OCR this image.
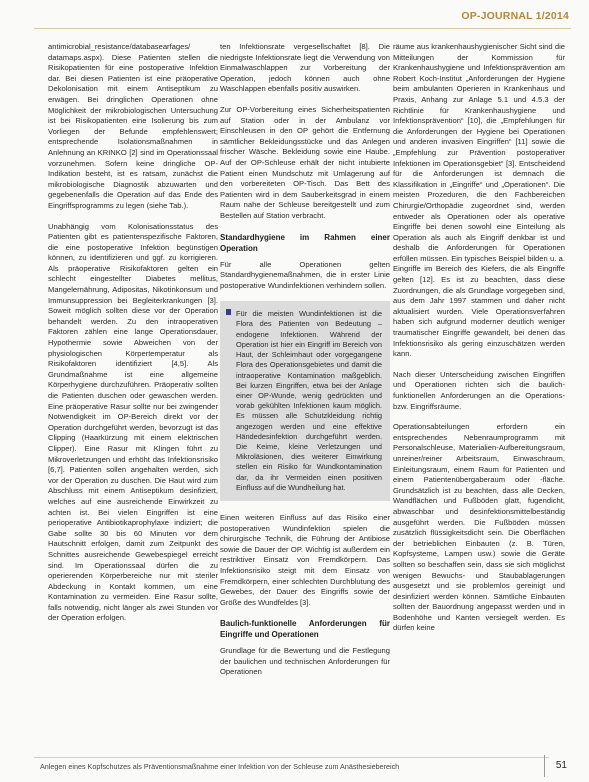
OP-JOURNAL 1/2014

antimicrobial_resistance/databasearfages/ datamaps.aspx). Diese Patienten stellen die Risikopatienten für eine postoperative Infektion dar. Bei diesen Patienten ist eine präoperative Dekolonisation mit einem Antiseptikum zu erwägen. Bei dringlichen Operationen ohne Möglichkeit der mikrobiologischen Untersuchung ist bei Risikopatienten eine Isolierung bis zum Vorliegen der Befunde empfehlenswert; entsprechende Isolationsmaßnahmen in Anlehnung an KRINKO [2] sind im Operationssaal vorzunehmen. Sofern keine dringliche OP-Indikation besteht, ist es ratsam, zunächst die mikrobiologische Diagnostik abzuwarten und gegebenenfalls die Operation auf das Ende des Eingriffsprogramms zu legen (siehe Tab.).

Unabhängig vom Kolonisationsstatus des Patienten gibt es patientenspezifische Faktoren, die eine postoperative Infektion begünstigen können, zu identifizieren und ggf. zu korrigieren. Als präoperative Risikofaktoren gelten ein schlecht eingestellter Diabetes mellitus, Mangelernährung, Adipositas, Nikotinkonsum und Immunsuppression bei Begleiterkrankungen [3]. Soweit möglich sollten diese vor der Operation behandelt werden. Zu den intraoperativen Faktoren zählen eine lange Operationsdauer, Hypothermie sowie Abweichen von der physiologischen Körpertemperatur als Risikofaktoren identifiziert [4,5]. Als Grundmaßnahme ist eine allgemeine Körperhygiene durchzuführen. Präoperativ sollten die Patienten duschen oder gewaschen werden. Eine präoperative Rasur sollte nur bei zwingender Notwendigkeit im OP-Bereich direkt vor der Operation durchgeführt werden, bevorzugt ist das Clipping (Haarkürzung mit einem elektrischen Clipper). Eine Rasur mit Klingen führt zu Mikroverletzungen und erhöht das Infektionsrisiko [6,7]. Patienten sollen angehalten werden, sich vor der Operation zu duschen. Die Haut wird zum Abschluss mit einem Antiseptikum desinfiziert, welches auf eine ausreichende Einwirkzeit zu achten ist. Bei vielen Eingriffen ist eine perioperative Antibiotikaprophylaxe indiziert; die Gabe sollte 30 bis 60 Minuten vor dem Hautschnitt erfolgen, damit zum Zeitpunkt des Schnittes ausreichende Gewebespiegel erreicht sind. Im Operationssaal dürfen die zu operierenden Körperbereiche nur mit steriler Abdeckung in Kontakt kommen, um eine Kontamination zu vermeiden. Eine Rasur sollte, falls notwendig, nicht länger als zwei Stunden vor der Operation erfolgen.

ten Infektionsrate vergesellschaftet [8]. Die niedrigste Infektionsrate liegt die Verwendung von Einmalwaschlappen zur Vorbereitung der Operation, jedoch können auch ohne Waschlappen ebenfalls positiv auswirken.

Zur OP-Vorbereitung eines Sicherheitspatienten auf Station oder in der Ambulanz vor Einschleusen in den OP gehört die Entfernung sämtlicher Bekleidungsstücke und das Anlegen frischer Wäsche. Bekleidung sowie eine Haube. Auf der OP-Schleuse erhält der nicht intubierte Patient einen Mundschutz mit Umlagerung auf den vorbereiteten OP-Tisch. Das Bett des Patienten wird in dem Sauberkeitsgrad in einem Raum nahe der Schleuse bereitgestellt und zum Bestellen auf Station verbracht.

Standardhygiene im Rahmen einer Operation

Für alle Operationen gelten Standardhygienemaßnahmen, die in erster Linie postoperative Wundinfektionen verhindern sollen.

Für die meisten Wundinfektionen ist die Flora des Patienten von Bedeutung – endogene Infektionen. Während der Operation ist hier ein Eingriff im Bereich von Haut, der Schleimhaut oder vorgegangene Flora des Operationsgebietes und damit die intraoperative Kontamination maßgeblich. Bei kurzen Eingriffen, etwa bei der Anlage einer OP-Wunde, wenig gedrückten und vorab gekühlten Infektionen kaum möglich. Es müssen alle Schutzkleidung richtig angezogen werden und eine effektive Händedesinfektion durchgeführt werden. Die Keime, kleine Verletzungen und Mikroläsionen, dies weiterer Einwirkung stellen ein Risiko für Wundkontamination dar, da ihr Vermeiden einen positiven Einfluss auf die Wundheilung hat.

Einen weiteren Einfluss auf das Risiko einer postoperativen Wundinfektion spielen die chirurgische Technik, die Führung der Antibiose sowie die Dauer der OP. Wichtig ist außerdem ein restriktiver Einsatz von Fremdkörpern. Das Infektionsrisiko steigt mit dem Einsatz von Fremdkörpern, einer schlechten Durchblutung des Gewebes, der Dauer des Eingriffs sowie der Größe des Wundfeldes [3].

Baulich-funktionelle Anforderungen für Eingriffe und Operationen

Grundlage für die Bewertung und die Festlegung der baulichen und technischen Anforderungen für Operationen

räume aus krankenhaushygienischer Sicht sind die Mitteilungen der Kommission für Krankenhaushygiene und Infektionsprävention am Robert Koch-Institut „Anforderungen der Hygiene beim ambulanten Operieren in Krankenhaus und Praxis, Anhang zur Anlage 5.1 und 4.5.3 der Richtlinie für Krankenhaushygiene und Infektionsprävention“ [10], die „Empfehlungen für die Anforderungen der Hygiene bei Operationen und anderen invasiven Eingriffen“ [11] sowie die „Empfehlung zur Prävention postoperativer Infektionen im Operationsgebiet“ [3]. Entscheidend für die Anforderungen ist demnach die Klassifikation in „Eingriffe“ und „Operationen“. Die meisten Prozeduren, die den Fachbereichen Chirurgie/Orthopädie zugeordnet sind, werden entweder als Operationen oder als operative Eingriffe bei denen sowohl eine Einteilung als Operation als auch als Eingriff denkbar ist und deshalb die Anforderungen für Operationen erfüllen müssen. Ein typisches Beispiel bilden u. a. Eingriffe im Bereich des Kiefers, die als Eingriffe gelten [12]. Es ist zu beachten, dass diese Zuordnungen, die als Grundlage vorgegeben sind, aus dem Jahr 1997 stammen und daher nicht aktualisiert wurden. Viele Operationsverfahren haben sich aufgrund moderner deutlich weniger traumatischer Eingriffe gewandelt, bei denen das Infektionsrisiko als gering einzuschätzen werden kann.

Nach dieser Unterscheidung zwischen Eingriffen und Operationen richten sich die baulich-funktionellen Anforderungen an die Operations- bzw. Eingriffsräume.

Operationsabteilungen erfordern ein entsprechendes Nebenraumprogramm mit Personalschleuse, Materialien-Aufbereitungsraum, unreiner/reiner Arbeitsraum, Einwaschraum, Einleitungsraum, einem Raum für Patienten und einem Patientenübergaberaum oder -fläche. Grundsätzlich ist zu beachten, dass alle Decken, Wandflächen und Fußböden glatt, fugendicht, abwaschbar und desinfektionsmittelbeständig ausgeführt werden. Die Fußböden müssen zusätzlich flüssigkeitsdicht sein. Die Oberflächen der betrieblichen Einbauten (z. B. Türen, Kopfsysteme, Lampen usw.) sowie die Geräte sollten so beschaffen sein, dass sie sich möglichst wenigen Bewuchs- und Staubablagerungen ausgesetzt und sie problemlos gereinigt und desinfiziert werden können. Sämtliche Einbauten sollten der Bauordnung angepasst werden und in Bodenhöhe und Kanten versiegelt werden. Es dürfen keine

Anlegen eines Kopfschutzes als Präventionsmaßnahme einer Infektion von der Schleuse zum Anästhesiebereich	51
